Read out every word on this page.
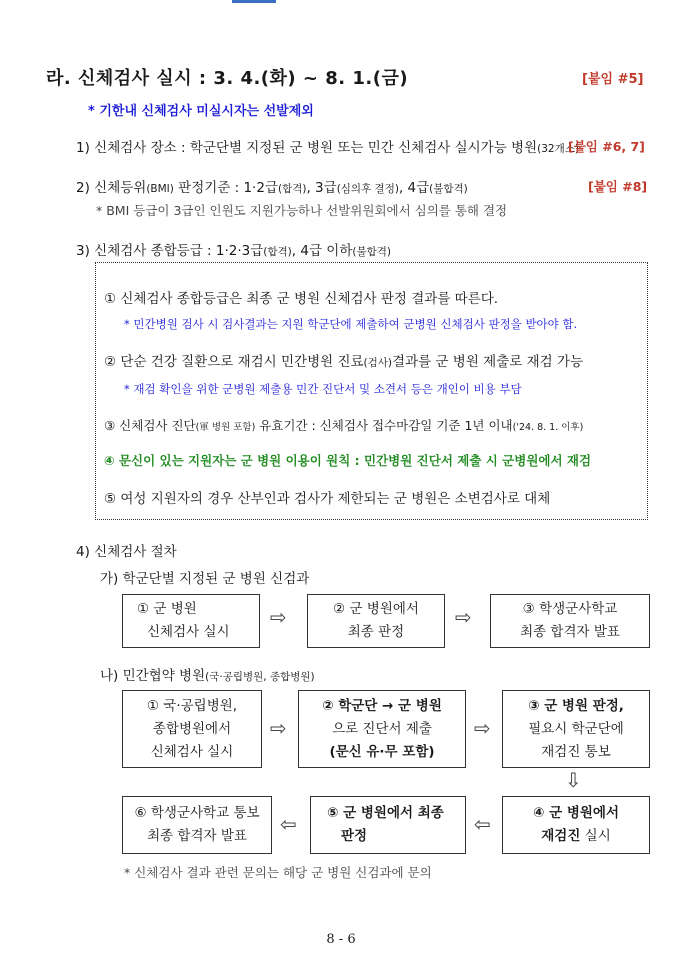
라. 신체검사 실시 : 3. 4.(화) ~ 8. 1.(금)	[붙임 #5]
* 기한내 신체검사 미실시자는 선발제외
1) 신체검사 장소 : 학군단별 지정된 군 병원 또는 민간 신체검사 실시가능 병원(32개소)
[붙임 #6, 7]
2) 신체등위(BMI) 판정기준 : 1·2급(합격), 3급(심의후 결정), 4급(불합격)	[붙임 #8]
* BMI 등급이 3급인 인원도 지원가능하나 선발위원회에서 심의를 통해 결정
3) 신체검사 종합등급 : 1·2·3급(합격), 4급 이하(불합격)
① 신체검사 종합등급은 최종 군 병원 신체검사 판정 결과를 따른다.
* 민간병원 검사 시 검사결과는 지원 학군단에 제출하여 군병원 신체검사 판정을 받아야 함.
② 단순 건강 질환으로 재검시 민간병원 진료(검사)결과를 군 병원 제출로 재검 가능
* 재검 확인을 위한 군병원 제출용 민간 진단서 및 소견서 등은 개인이 비용 부담
③ 신체검사 진단(軍 병원 포함) 유효기간 : 신체검사 접수마감일 기준 1년 이내('24. 8. 1. 이후)
④ 문신이 있는 지원자는 군 병원 이용이 원칙 : 민간병원 진단서 제출 시 군병원에서 재검
⑤ 여성 지원자의 경우 산부인과 검사가 제한되는 군 병원은 소변검사로 대체
4) 신체검사 절차
가) 학군단별 지정된 군 병원 신검과
① 군 병원
신체검사 실시
⇨	② 군 병원에서
최종 판정
⇨	③ 학생군사학교
최종 합격자 발표
나) 민간협약 병원(국·공립병원, 종합병원)
① 국·공립병원,
종합병원에서
신체검사 실시
⇨
② 학군단 → 군 병원
으로 진단서 제출
(문신 유·무 포함)
⇨
③ 군 병원 판정,
필요시 학군단에
재검진 통보
⇩
⑥ 학생군사학교 통보
최종 합격자 발표 ⇦ ⑤ 군 병원에서 최종
판정	⇦	④ 군 병원에서
재검진 실시
* 신체검사 결과 관련 문의는 해당 군 병원 신검과에 문의
8 - 6
